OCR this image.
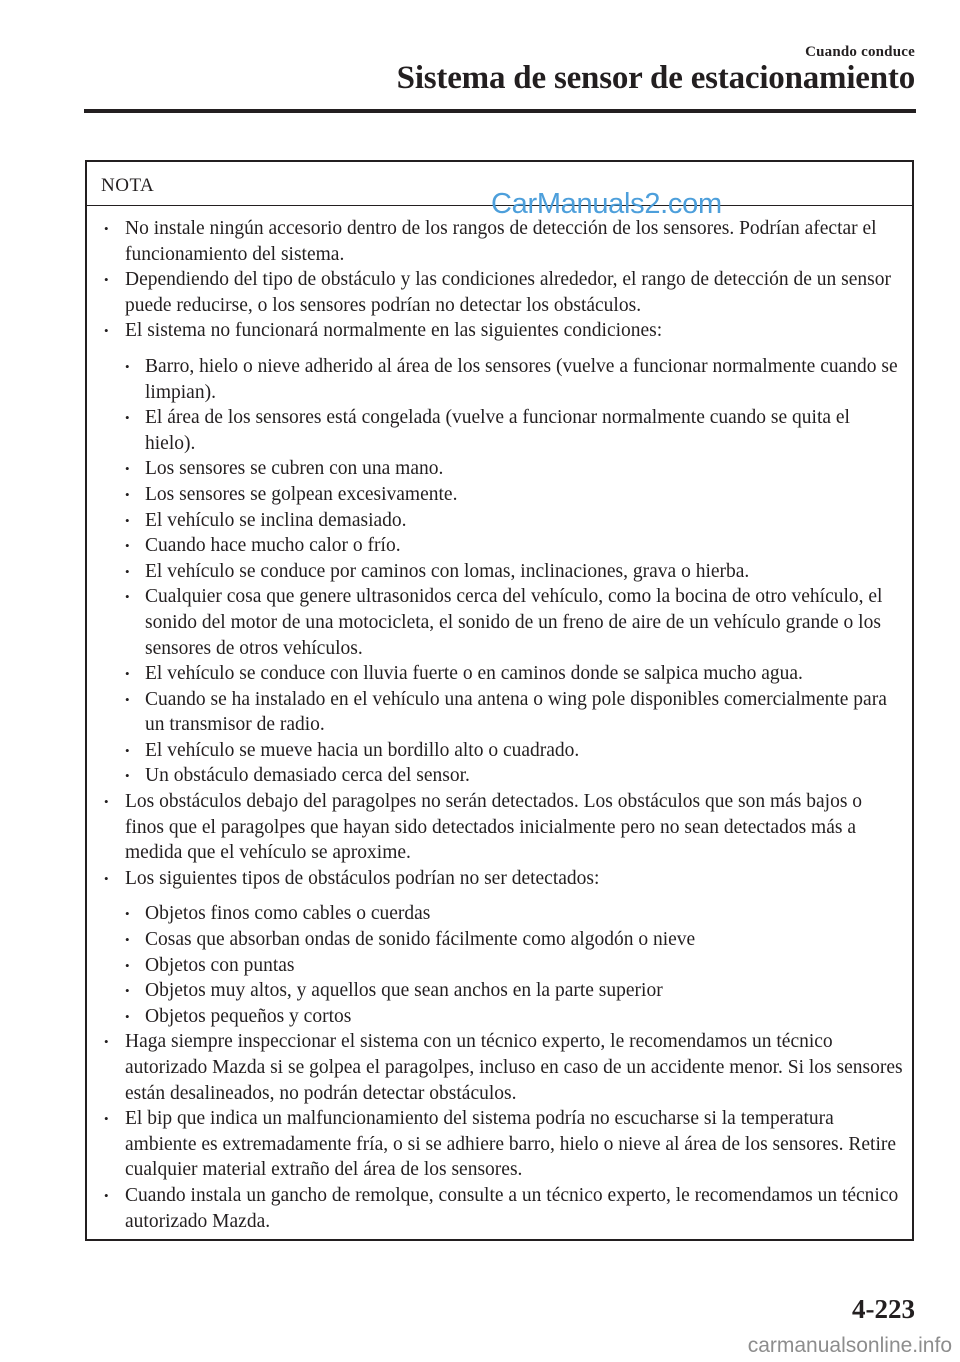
Cuando conduce
Sistema de sensor de estacionamiento
NOTA
• No instale ningún accesorio dentro de los rangos de detección de los sensores. Podrían afectar el funcionamiento del sistema.
• Dependiendo del tipo de obstáculo y las condiciones alrededor, el rango de detección de un sensor puede reducirse, o los sensores podrían no detectar los obstáculos.
• El sistema no funcionará normalmente en las siguientes condiciones:
• Barro, hielo o nieve adherido al área de los sensores (vuelve a funcionar normalmente cuando se limpian).
• El área de los sensores está congelada (vuelve a funcionar normalmente cuando se quita el hielo).
• Los sensores se cubren con una mano.
• Los sensores se golpean excesivamente.
• El vehículo se inclina demasiado.
• Cuando hace mucho calor o frío.
• El vehículo se conduce por caminos con lomas, inclinaciones, grava o hierba.
• Cualquier cosa que genere ultrasonidos cerca del vehículo, como la bocina de otro vehículo, el sonido del motor de una motocicleta, el sonido de un freno de aire de un vehículo grande o los sensores de otros vehículos.
• El vehículo se conduce con lluvia fuerte o en caminos donde se salpica mucho agua.
• Cuando se ha instalado en el vehículo una antena o wing pole disponibles comercialmente para un transmisor de radio.
• El vehículo se mueve hacia un bordillo alto o cuadrado.
• Un obstáculo demasiado cerca del sensor.
• Los obstáculos debajo del paragolpes no serán detectados. Los obstáculos que son más bajos o finos que el paragolpes que hayan sido detectados inicialmente pero no sean detectados más a medida que el vehículo se aproxime.
• Los siguientes tipos de obstáculos podrían no ser detectados:
• Objetos finos como cables o cuerdas
• Cosas que absorban ondas de sonido fácilmente como algodón o nieve
• Objetos con puntas
• Objetos muy altos, y aquellos que sean anchos en la parte superior
• Objetos pequeños y cortos
• Haga siempre inspeccionar el sistema con un técnico experto, le recomendamos un técnico autorizado Mazda si se golpea el paragolpes, incluso en caso de un accidente menor. Si los sensores están desalineados, no podrán detectar obstáculos.
• El bip que indica un malfuncionamiento del sistema podría no escucharse si la temperatura ambiente es extremadamente fría, o si se adhiere barro, hielo o nieve al área de los sensores. Retire cualquier material extraño del área de los sensores.
• Cuando instala un gancho de remolque, consulte a un técnico experto, le recomendamos un técnico autorizado Mazda.
CarManuals2.com
4-223
carmanualsonline.info
